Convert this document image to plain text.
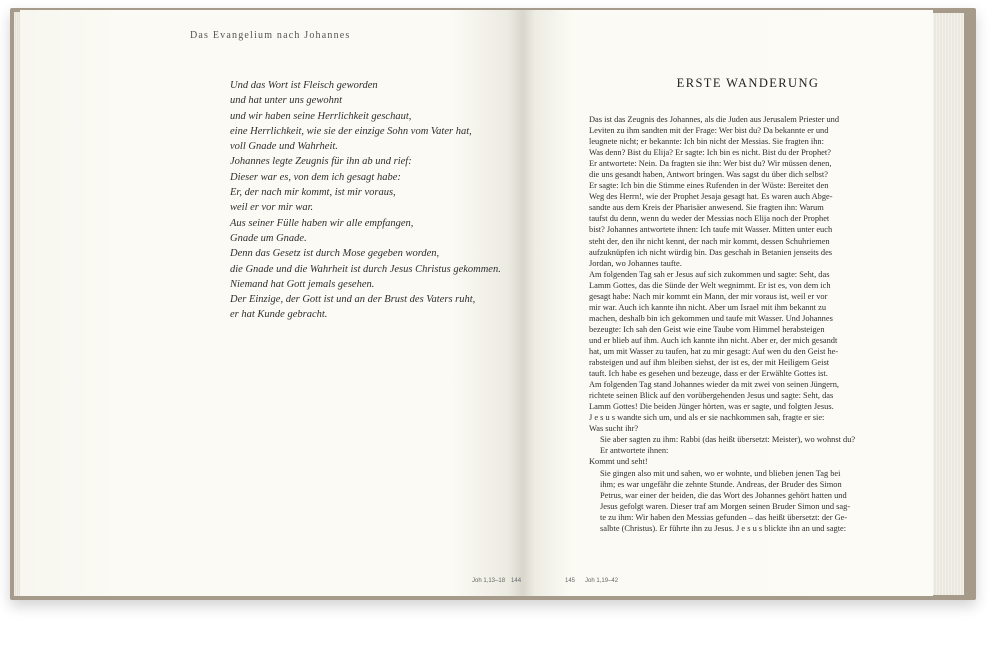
Das Evangelium nach Johannes
Und das Wort ist Fleisch geworden
und hat unter uns gewohnt
und wir haben seine Herrlichkeit geschaut,
eine Herrlichkeit, wie sie der einzige Sohn vom Vater hat,
voll Gnade und Wahrheit.
Johannes legte Zeugnis für ihn ab und rief:
Dieser war es, von dem ich gesagt habe:
Er, der nach mir kommt, ist mir voraus,
weil er vor mir war.
Aus seiner Fülle haben wir alle empfangen,
Gnade um Gnade.
Denn das Gesetz ist durch Mose gegeben worden,
die Gnade und die Wahrheit ist durch Jesus Christus gekommen.
Niemand hat Gott jemals gesehen.
Der Einzige, der Gott ist und an der Brust des Vaters ruht,
er hat Kunde gebracht.
Joh 1,13–18 144
ERSTE WANDERUNG
Das ist das Zeugnis des Johannes, als die Juden aus Jerusalem Priester und
Leviten zu ihm sandten mit der Frage: Wer bist du? Da bekannte er und
leugnete nicht; er bekannte: Ich bin nicht der Messias. Sie fragten ihn:
Was denn? Bist du Elija? Er sagte: Ich bin es nicht. Bist du der Prophet?
Er antwortete: Nein. Da fragten sie ihn: Wer bist du? Wir müssen denen,
die uns gesandt haben, Antwort bringen. Was sagst du über dich selbst?
Er sagte: Ich bin die Stimme eines Rufenden in der Wüste: Bereitet den
Weg des Herrn!, wie der Prophet Jesaja gesagt hat. Es waren auch Abge-
sandte aus dem Kreis der Pharisäer anwesend. Sie fragten ihn: Warum
taufst du denn, wenn du weder der Messias noch Elija noch der Prophet
bist? Johannes antwortete ihnen: Ich taufe mit Wasser. Mitten unter euch
steht der, den ihr nicht kennt, der nach mir kommt, dessen Schuhriemen
aufzuknüpfen ich nicht würdig bin. Das geschah in Betanien jenseits des
Jordan, wo Johannes taufte.
Am folgenden Tag sah er Jesus auf sich zukommen und sagte: Seht, das
Lamm Gottes, das die Sünde der Welt wegnimmt. Er ist es, von dem ich
gesagt habe: Nach mir kommt ein Mann, der mir voraus ist, weil er vor
mir war. Auch ich kannte ihn nicht. Aber um Israel mit ihm bekannt zu
machen, deshalb bin ich gekommen und taufe mit Wasser. Und Johannes
bezeugte: Ich sah den Geist wie eine Taube vom Himmel herabsteigen
und er blieb auf ihm. Auch ich kannte ihn nicht. Aber er, der mich gesandt
hat, um mit Wasser zu taufen, hat zu mir gesagt: Auf wen du den Geist he-
rabsteigen und auf ihm bleiben siehst, der ist es, der mit Heiligem Geist
tauft. Ich habe es gesehen und bezeuge, dass er der Erwählte Gottes ist.
Am folgenden Tag stand Johannes wieder da mit zwei von seinen Jüngern,
richtete seinen Blick auf den vorübergehenden Jesus und sagte: Seht, das
Lamm Gottes! Die beiden Jünger hörten, was er sagte, und folgten Jesus.
J e s u s wandte sich um, und als er sie nachkommen sah, fragte er sie:
Was sucht ihr?
Sie aber sagten zu ihm: Rabbi (das heißt übersetzt: Meister), wo wohnst du?
Er antwortete ihnen:
Kommt und seht!
Sie gingen also mit und sahen, wo er wohnte, und blieben jenen Tag bei
ihm; es war ungefähr die zehnte Stunde. Andreas, der Bruder des Simon
Petrus, war einer der beiden, die das Wort des Johannes gehört hatten und
Jesus gefolgt waren. Dieser traf am Morgen seinen Bruder Simon und sag-
te zu ihm: Wir haben den Messias gefunden – das heißt übersetzt: der Ge-
salbte (Christus). Er führte ihn zu Jesus. J e s u s blickte ihn an und sagte:
145 Joh 1,19–42
